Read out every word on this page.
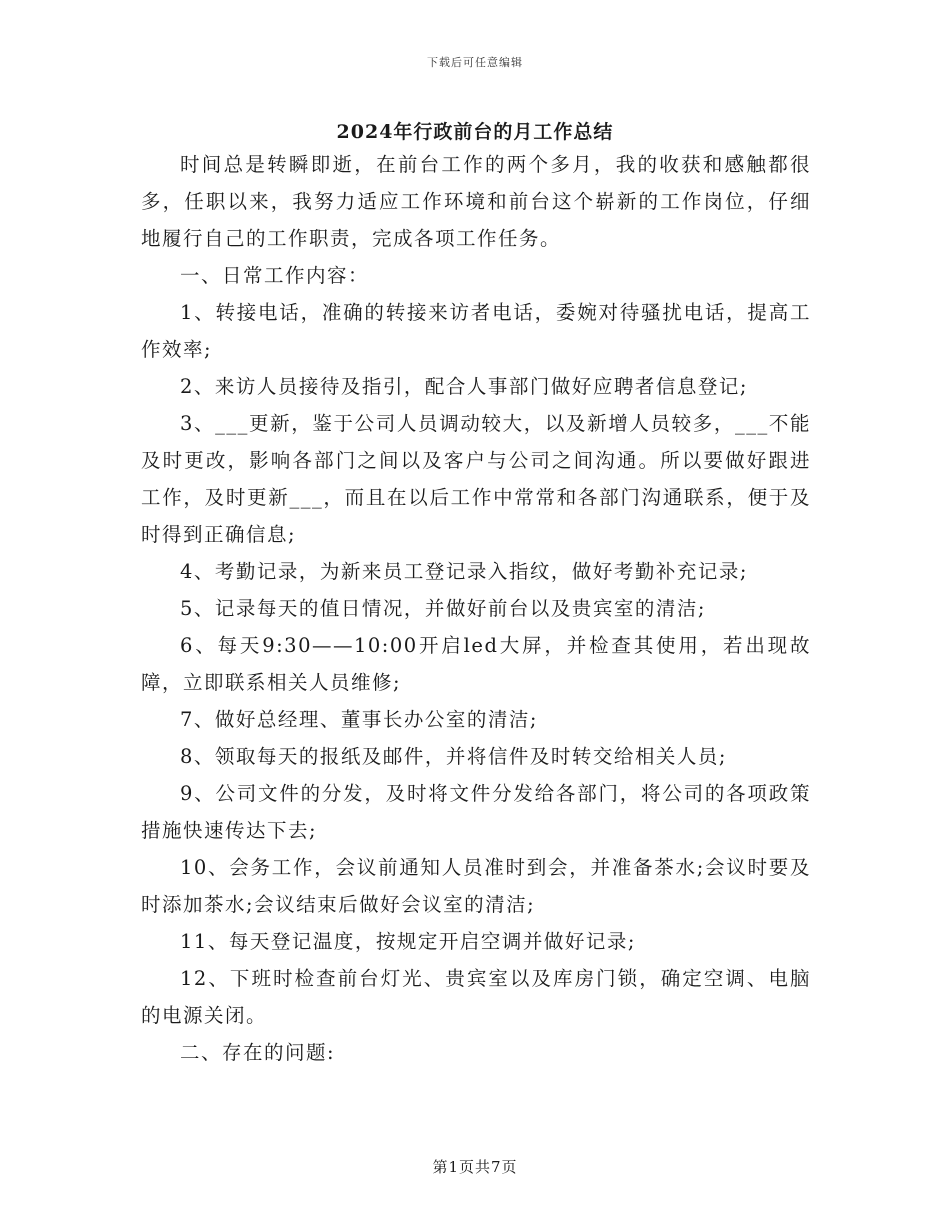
下载后可任意编辑
2024年行政前台的月工作总结

时间总是转瞬即逝，在前台工作的两个多月，我的收获和感触都很多，任职以来，我努力适应工作环境和前台这个崭新的工作岗位，仔细地履行自己的工作职责，完成各项工作任务。

一、日常工作内容：

1、转接电话，准确的转接来访者电话，委婉对待骚扰电话，提高工作效率;

2、来访人员接待及指引，配合人事部门做好应聘者信息登记;

3、___更新，鉴于公司人员调动较大，以及新增人员较多，___不能及时更改，影响各部门之间以及客户与公司之间沟通。所以要做好跟进工作，及时更新___，而且在以后工作中常常和各部门沟通联系，便于及时得到正确信息;

4、考勤记录，为新来员工登记录入指纹，做好考勤补充记录;

5、记录每天的值日情况，并做好前台以及贵宾室的清洁;

6、每天9:30——10:00开启led大屏，并检查其使用，若出现故障，立即联系相关人员维修;

7、做好总经理、董事长办公室的清洁;

8、领取每天的报纸及邮件，并将信件及时转交给相关人员;

9、公司文件的分发，及时将文件分发给各部门，将公司的各项政策措施快速传达下去;

10、会务工作，会议前通知人员准时到会，并准备茶水;会议时要及时添加茶水;会议结束后做好会议室的清洁;

11、每天登记温度，按规定开启空调并做好记录;

12、下班时检查前台灯光、贵宾室以及库房门锁，确定空调、电脑的电源关闭。

二、存在的问题:

第1页共7页
